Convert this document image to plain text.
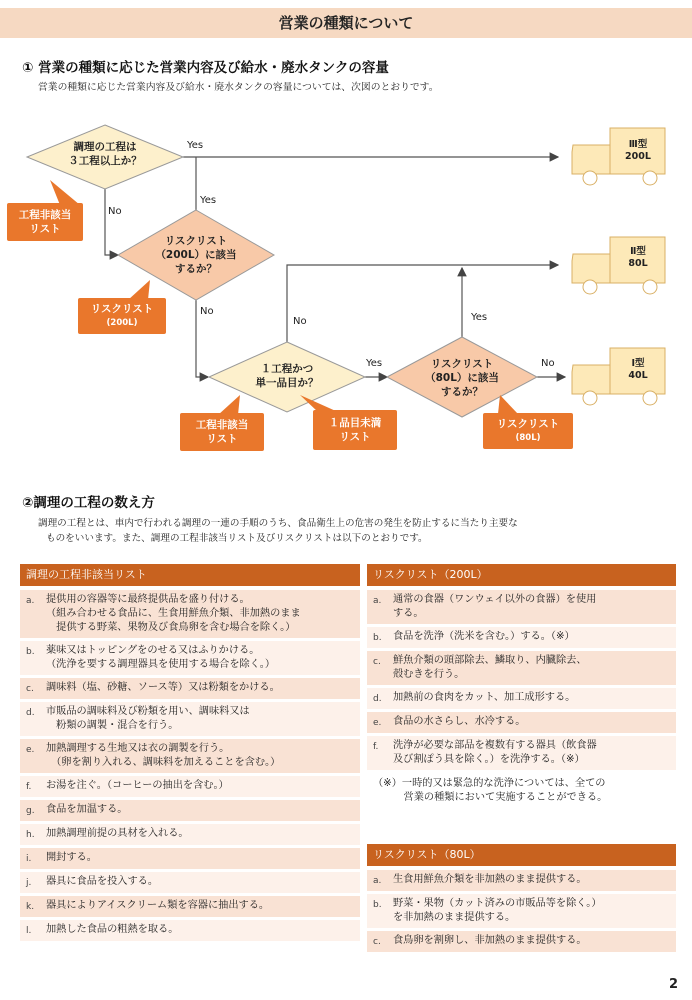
営業の種類について
① 営業の種類に応じた営業内容及び給水・廃水タンクの容量
営業の種類に応じた営業内容及び給水・廃水タンクの容量については、次図のとおりです。
調理の工程は
３工程以上か？
リスクリスト
（200L）に該当
するか？
１工程かつ
単一品目か？
リスクリスト
（80L）に該当
するか？
Yes
No
Yes
No
No
Yes
Yes
No
工程非該当
リスト
リスクリスト
(200L)
工程非該当
リスト
１品目未満
リスト
リスクリスト
(80L)
Ⅲ型
200L
Ⅱ型
80L
Ⅰ型
40L
②調理の工程の数え方
調理の工程とは、車内で行われる調理の一連の手順のうち、食品衛生上の危害の発生を防止するに当たり主要な
ものをいいます。また、調理の工程非該当リスト及びリスクリストは以下のとおりです。
調理の工程非該当リスト
a.	提供用の容器等に最終提供品を盛り付ける。
（組み合わせる食品に、生食用鮮魚介類、非加熱のまま
　提供する野菜、果物及び食鳥卵を含む場合を除く。）
b.	薬味又はトッピングをのせる又はふりかける。
（洗浄を要する調理器具を使用する場合を除く。）
c.	調味料（塩、砂糖、ソース等）又は粉類をかける。
d.	市販品の調味料及び粉類を用い、調味料又は
　粉類の調製・混合を行う。
e.	加熱調理する生地又は衣の調製を行う。
　（卵を割り入れる、調味料を加えることを含む。）
f.	お湯を注ぐ。（コーヒーの抽出を含む。）
g.	食品を加温する。
h.	加熱調理前提の具材を入れる。
i.	開封する。
j.	器具に食品を投入する。
k.	器具によりアイスクリーム類を容器に抽出する。
l.	加熱した食品の粗熱を取る。
リスクリスト（200L）
a.	通常の食器（ワンウェイ以外の食器）を使用
する。
b.	食品を洗浄（洗米を含む。）する。（※）
c.	鮮魚介類の頭部除去、鱗取り、内臓除去、
殻むきを行う。
d.	加熱前の食肉をカット、加工成形する。
e.	食品の水さらし、水冷する。
f.	洗浄が必要な部品を複数有する器具（飲食器
及び割ぽう具を除く。）を洗浄する。（※）
（※）一時的又は緊急的な洗浄については、全ての
　　　営業の種類において実施することができる。
リスクリスト（80L）
a.	生食用鮮魚介類を非加熱のまま提供する。
b.	野菜・果物（カット済みの市販品等を除く。）
を非加熱のまま提供する。
c.	食鳥卵を割卵し、非加熱のまま提供する。
2
